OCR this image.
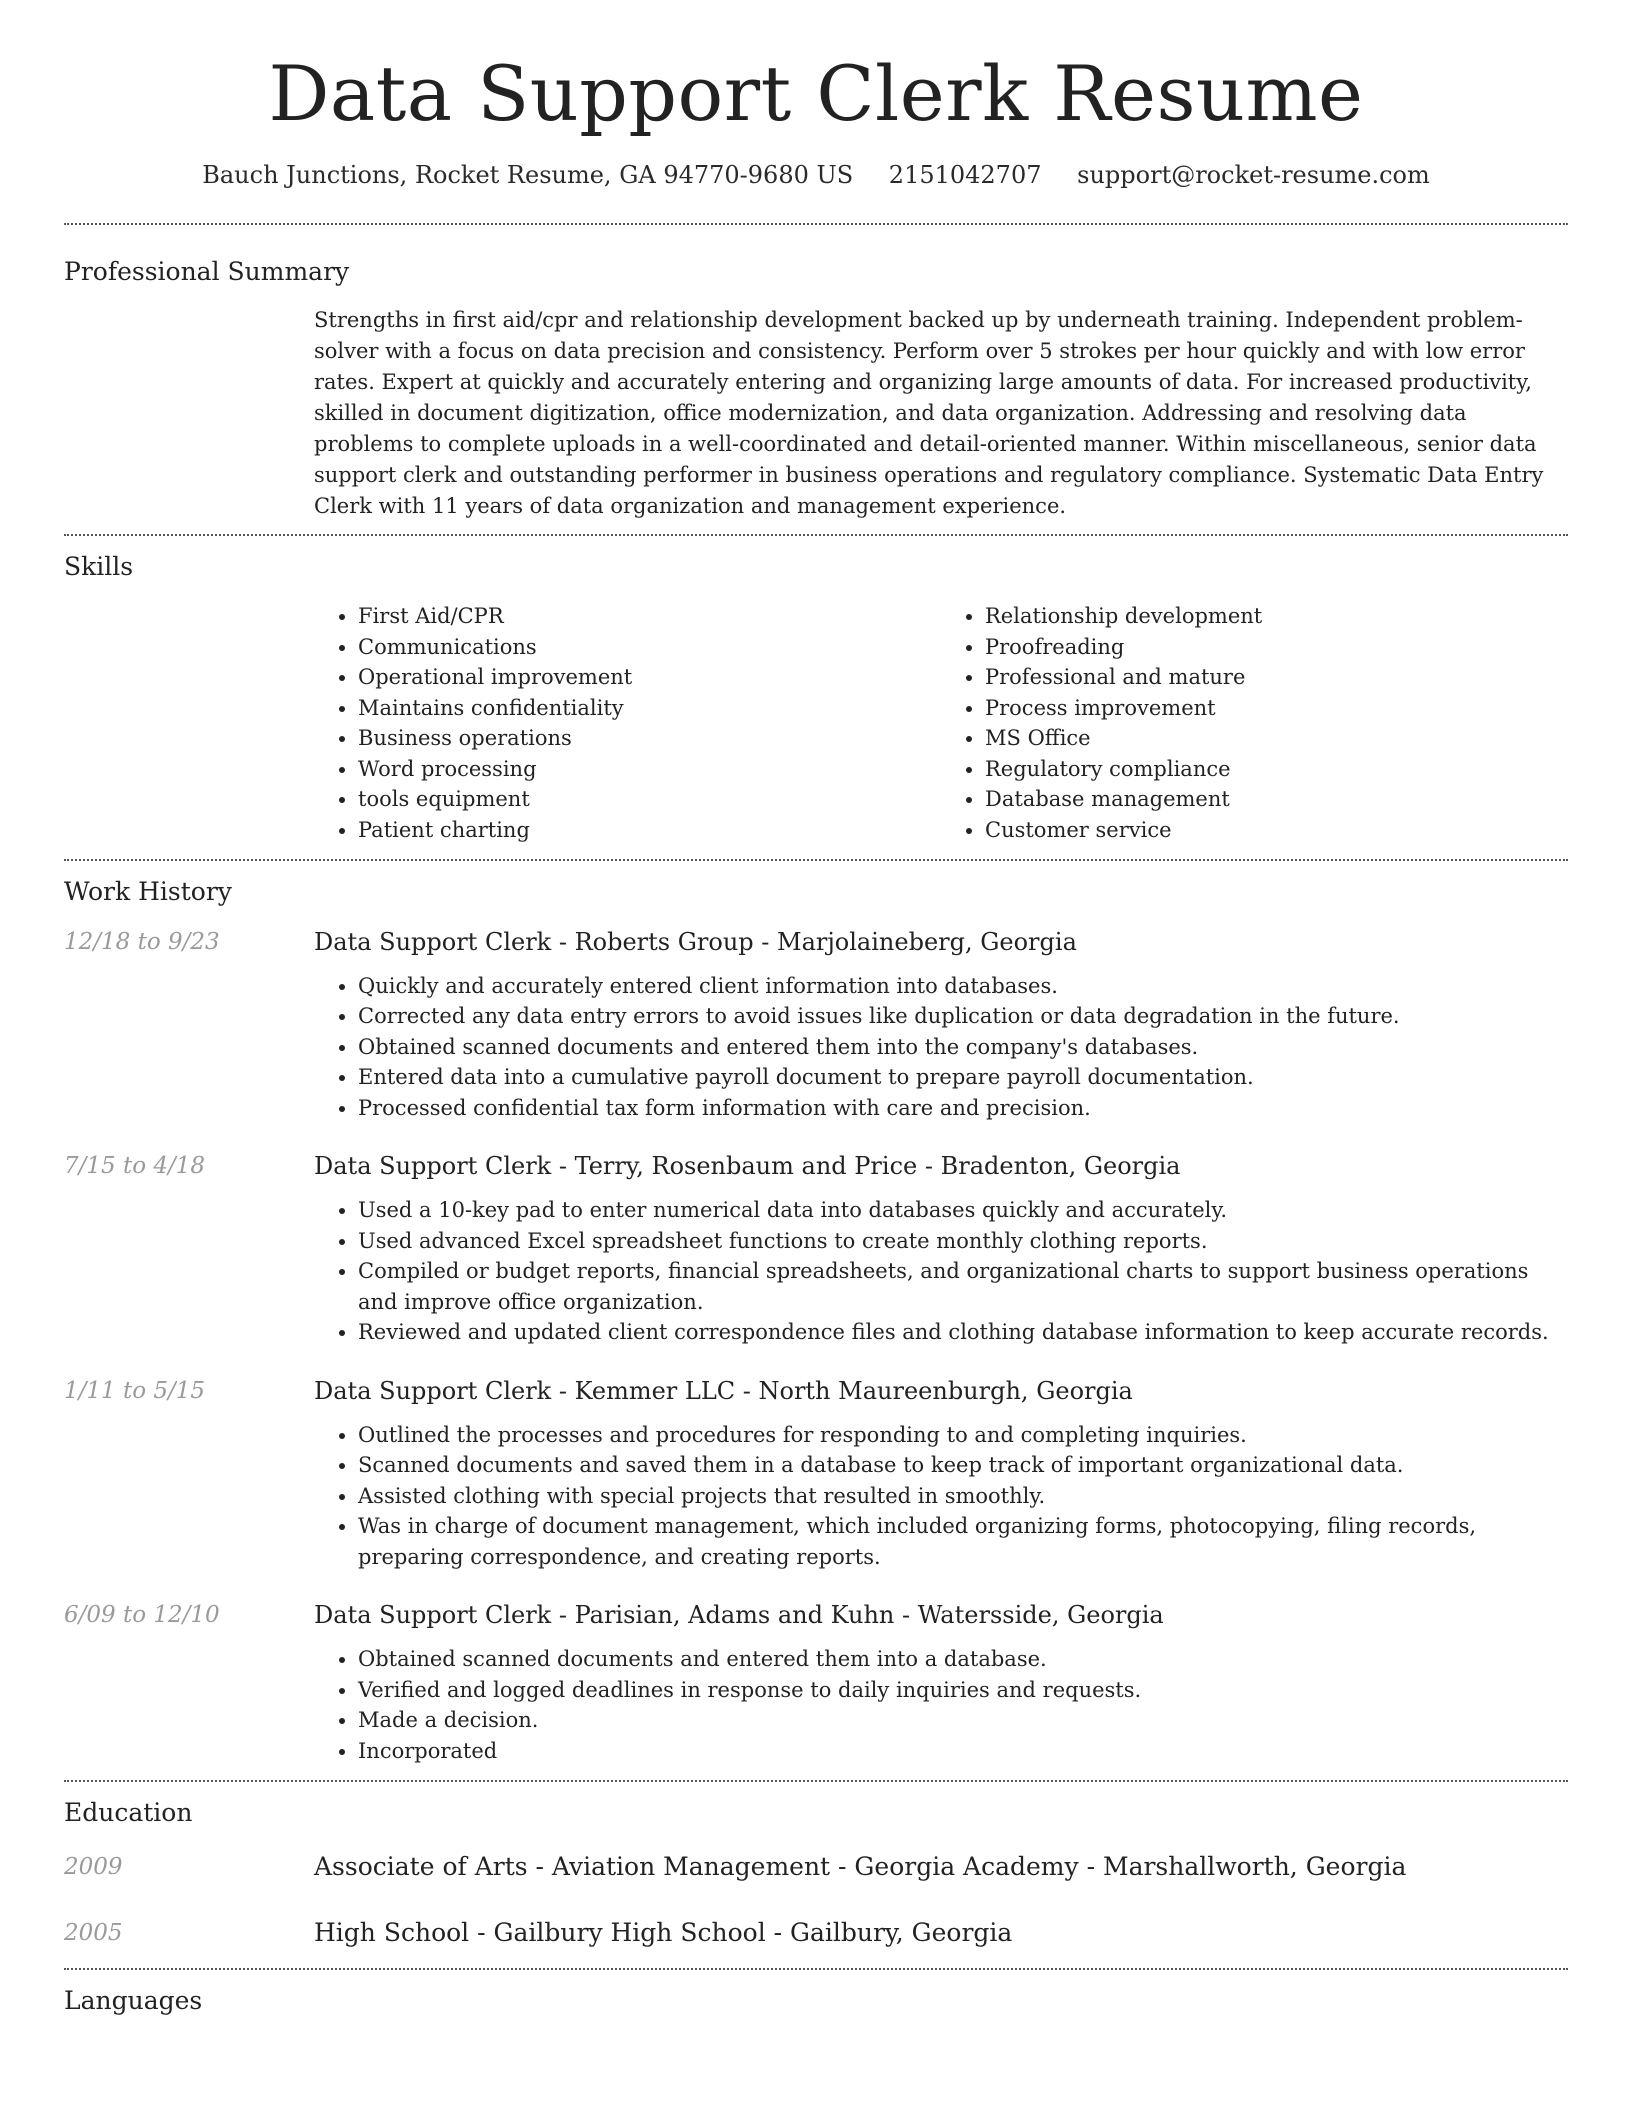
Data Support Clerk Resume
Bauch Junctions, Rocket Resume, GA 94770-9680 US 2151042707 support@rocket-resume.com
Professional Summary
Strengths in first aid/cpr and relationship development backed up by underneath training. Independent problem-solver with a focus on data precision and consistency. Perform over 5 strokes per hour quickly and with low error rates. Expert at quickly and accurately entering and organizing large amounts of data. For increased productivity, skilled in document digitization, office modernization, and data organization. Addressing and resolving data problems to complete uploads in a well-coordinated and detail-oriented manner. Within miscellaneous, senior data support clerk and outstanding performer in business operations and regulatory compliance. Systematic Data Entry Clerk with 11 years of data organization and management experience.
Skills
• First Aid/CPR
• Communications
• Operational improvement
• Maintains confidentiality
• Business operations
• Word processing
• tools equipment
• Patient charting
• Relationship development
• Proofreading
• Professional and mature
• Process improvement
• MS Office
• Regulatory compliance
• Database management
• Customer service
Work History
12/18 to 9/23	Data Support Clerk - Roberts Group - Marjolaineberg, Georgia
• Quickly and accurately entered client information into databases.
• Corrected any data entry errors to avoid issues like duplication or data degradation in the future.
• Obtained scanned documents and entered them into the company's databases.
• Entered data into a cumulative payroll document to prepare payroll documentation.
• Processed confidential tax form information with care and precision.
7/15 to 4/18	Data Support Clerk - Terry, Rosenbaum and Price - Bradenton, Georgia
• Used a 10-key pad to enter numerical data into databases quickly and accurately.
• Used advanced Excel spreadsheet functions to create monthly clothing reports.
• Compiled or budget reports, financial spreadsheets, and organizational charts to support business operations and improve office organization.
• Reviewed and updated client correspondence files and clothing database information to keep accurate records.
1/11 to 5/15	Data Support Clerk - Kemmer LLC - North Maureenburgh, Georgia
• Outlined the processes and procedures for responding to and completing inquiries.
• Scanned documents and saved them in a database to keep track of important organizational data.
• Assisted clothing with special projects that resulted in smoothly.
• Was in charge of document management, which included organizing forms, photocopying, filing records, preparing correspondence, and creating reports.
6/09 to 12/10	Data Support Clerk - Parisian, Adams and Kuhn - Watersside, Georgia
• Obtained scanned documents and entered them into a database.
• Verified and logged deadlines in response to daily inquiries and requests.
• Made a decision.
• Incorporated
Education
2009	Associate of Arts - Aviation Management - Georgia Academy - Marshallworth, Georgia
2005	High School - Gailbury High School - Gailbury, Georgia
Languages
